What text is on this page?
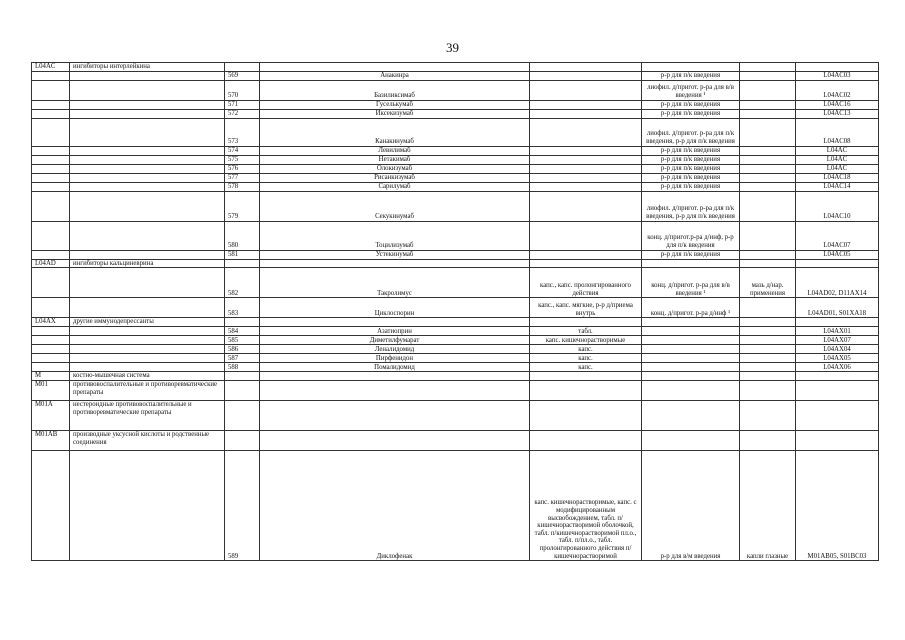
39
L04AC	ингибиторы интерлейкина						
		569	Анакинра		р-р для п/к введения		L04AC03
		570	Базиликсимаб		лиофил. д/пригот. р-ра для в/в введения ¹		L04AC02
		571	Гуселькумаб		р-р для п/к введения		L04AC16
		572	Иксекизумаб		р-р для п/к введения		L04AC13
		573	Канакинумаб		лиофил. д/пригот. р-ра для п/к введения, р-р для п/к введения		L04AC08
		574	Левилимаб		р-р для п/к введения		L04AC
		575	Нетакимаб		р-р для п/к введения		L04AC
		576	Олокизумаб		р-р для п/к введения		L04AC
		577	Рисанкизумаб		р-р для п/к введения		L04AC18
		578	Сарилумаб		р-р для п/к введения		L04AC14
		579	Секукинумаб		лиофил. д/пригот. р-ра для п/к введения, р-р для п/к введения		L04AC10
		580	Тоцилизумаб		конц. д/пригот.р-ра д/инф, р-р для п/к введения		L04AC07
		581	Устекинумаб		р-р для п/к введения		L04AC05
L04AD	ингибиторы кальциневрина						
		582	Такролимус	капс., капс. пролонгированного действия	конц. д/пригот. р-ра для в/в введения ¹	мазь д/нар. применения	L04AD02, D11AX14
		583	Циклоспорин	капс., капс. мягкие, р-р д/приема внутрь	конц. д/пригот. р-ра д/инф ¹		L04AD01, S01XA18
L04AX	другие иммунодепрессанты						
		584	Азатиоприн	табл.			L04AX01
		585	Диметилфумарат	капс. кишечнорастворимые			L04AX07
		586	Леналидомид	капс.			L04AX04
		587	Пирфенидон	капс.			L04AX05
		588	Помалидомид	капс.			L04AX06
M	костно-мышечная система						
M01	противовоспалительные и противоревматические препараты						
M01A	нестероидные противовоспалительные и противоревматические препараты						
M01AB	производные уксусной кислоты и родственные соединения						
		589	Диклофенак	капс. кишечнорастворимые, капс. с модифицированным высвобождением, табл. п/кишечнорастворимой оболочкой, табл. п/кишечнорастворимой пл.о., табл. п/пл.о., табл. пролонгированного действия п/кишечнорастворимой	р-р для в/м введения	капли глазные	M01AB05, S01BC03
